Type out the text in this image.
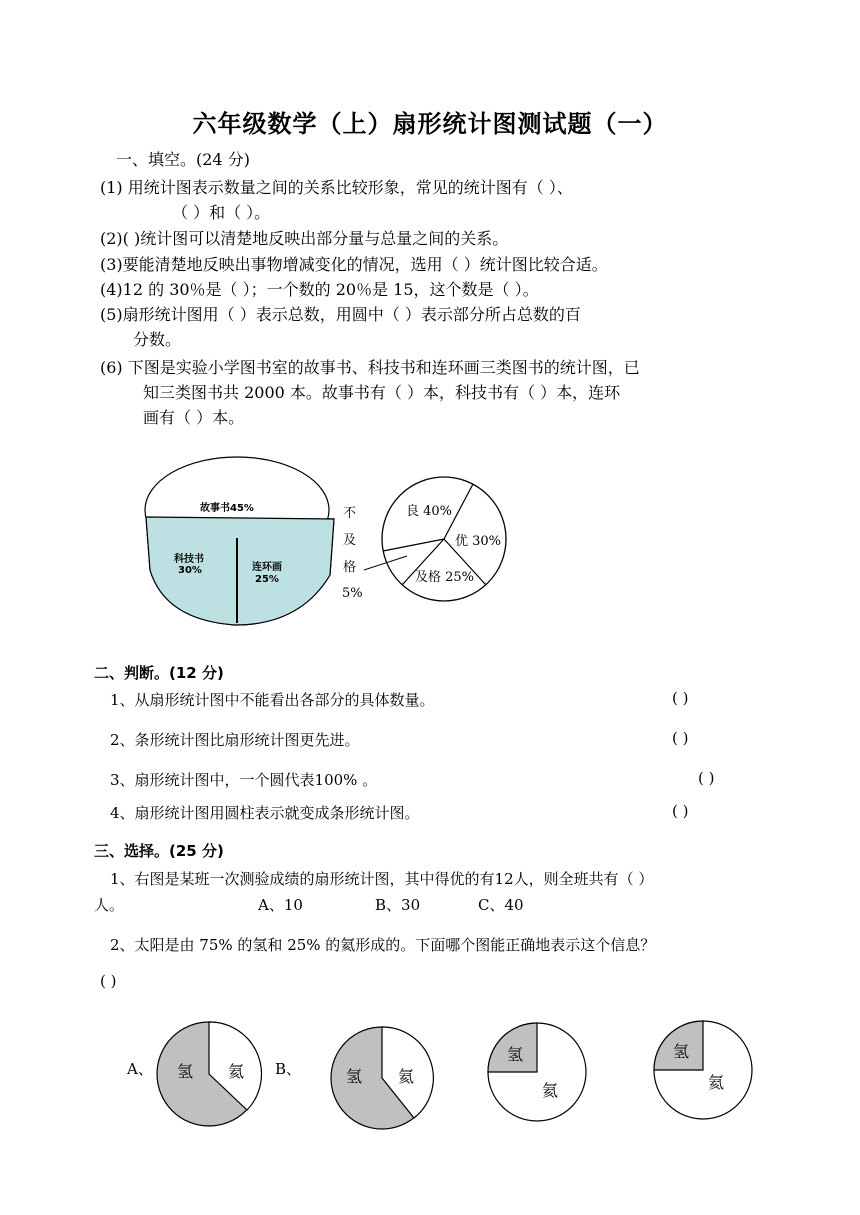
六年级数学（上）扇形统计图测试题（一）
一、填空。(24 分)
(1) 用统计图表示数量之间的关系比较形象，常见的统计图有（ ）、
（ ）和（ ）。
(2)( )统计图可以清楚地反映出部分量与总量之间的关系。
(3)要能清楚地反映出事物增减变化的情况，选用（ ）统计图比较合适。
(4)12 的 30％是（ ）；一个数的 20％是 15，这个数是（ ）。
(5)扇形统计图用（ ）表示总数，用圆中（ ）表示部分所占总数的百
分数。
(6) 下图是实验小学图书室的故事书、科技书和连环画三类图书的统计图，已
知三类图书共 2000 本。故事书有（ ）本，科技书有（ ）本，连环
画有（ ）本。
故事书45%
科技书
30%	连环画
25%
良 40%
优 30%
及格 25%
不
及
格
5%
二、判断。(12 分)
1、从扇形统计图中不能看出各部分的具体数量。	( )
2、条形统计图比扇形统计图更先进。	( )
3、扇形统计图中，一个圆代表100% 。	( )
4、扇形统计图用圆柱表示就变成条形统计图。	( )
三、选择。(25 分)
1、右图是某班一次测验成绩的扇形统计图，其中得优的有12人，则全班共有（ ）
人。	A、10	B、30	C、40
2、太阳是由 75% 的氢和 25% 的氦形成的。下面哪个图能正确地表示这个信息？
( )
A、	B、
氢 氦	氢 氦
氢
氦
氢
氦
